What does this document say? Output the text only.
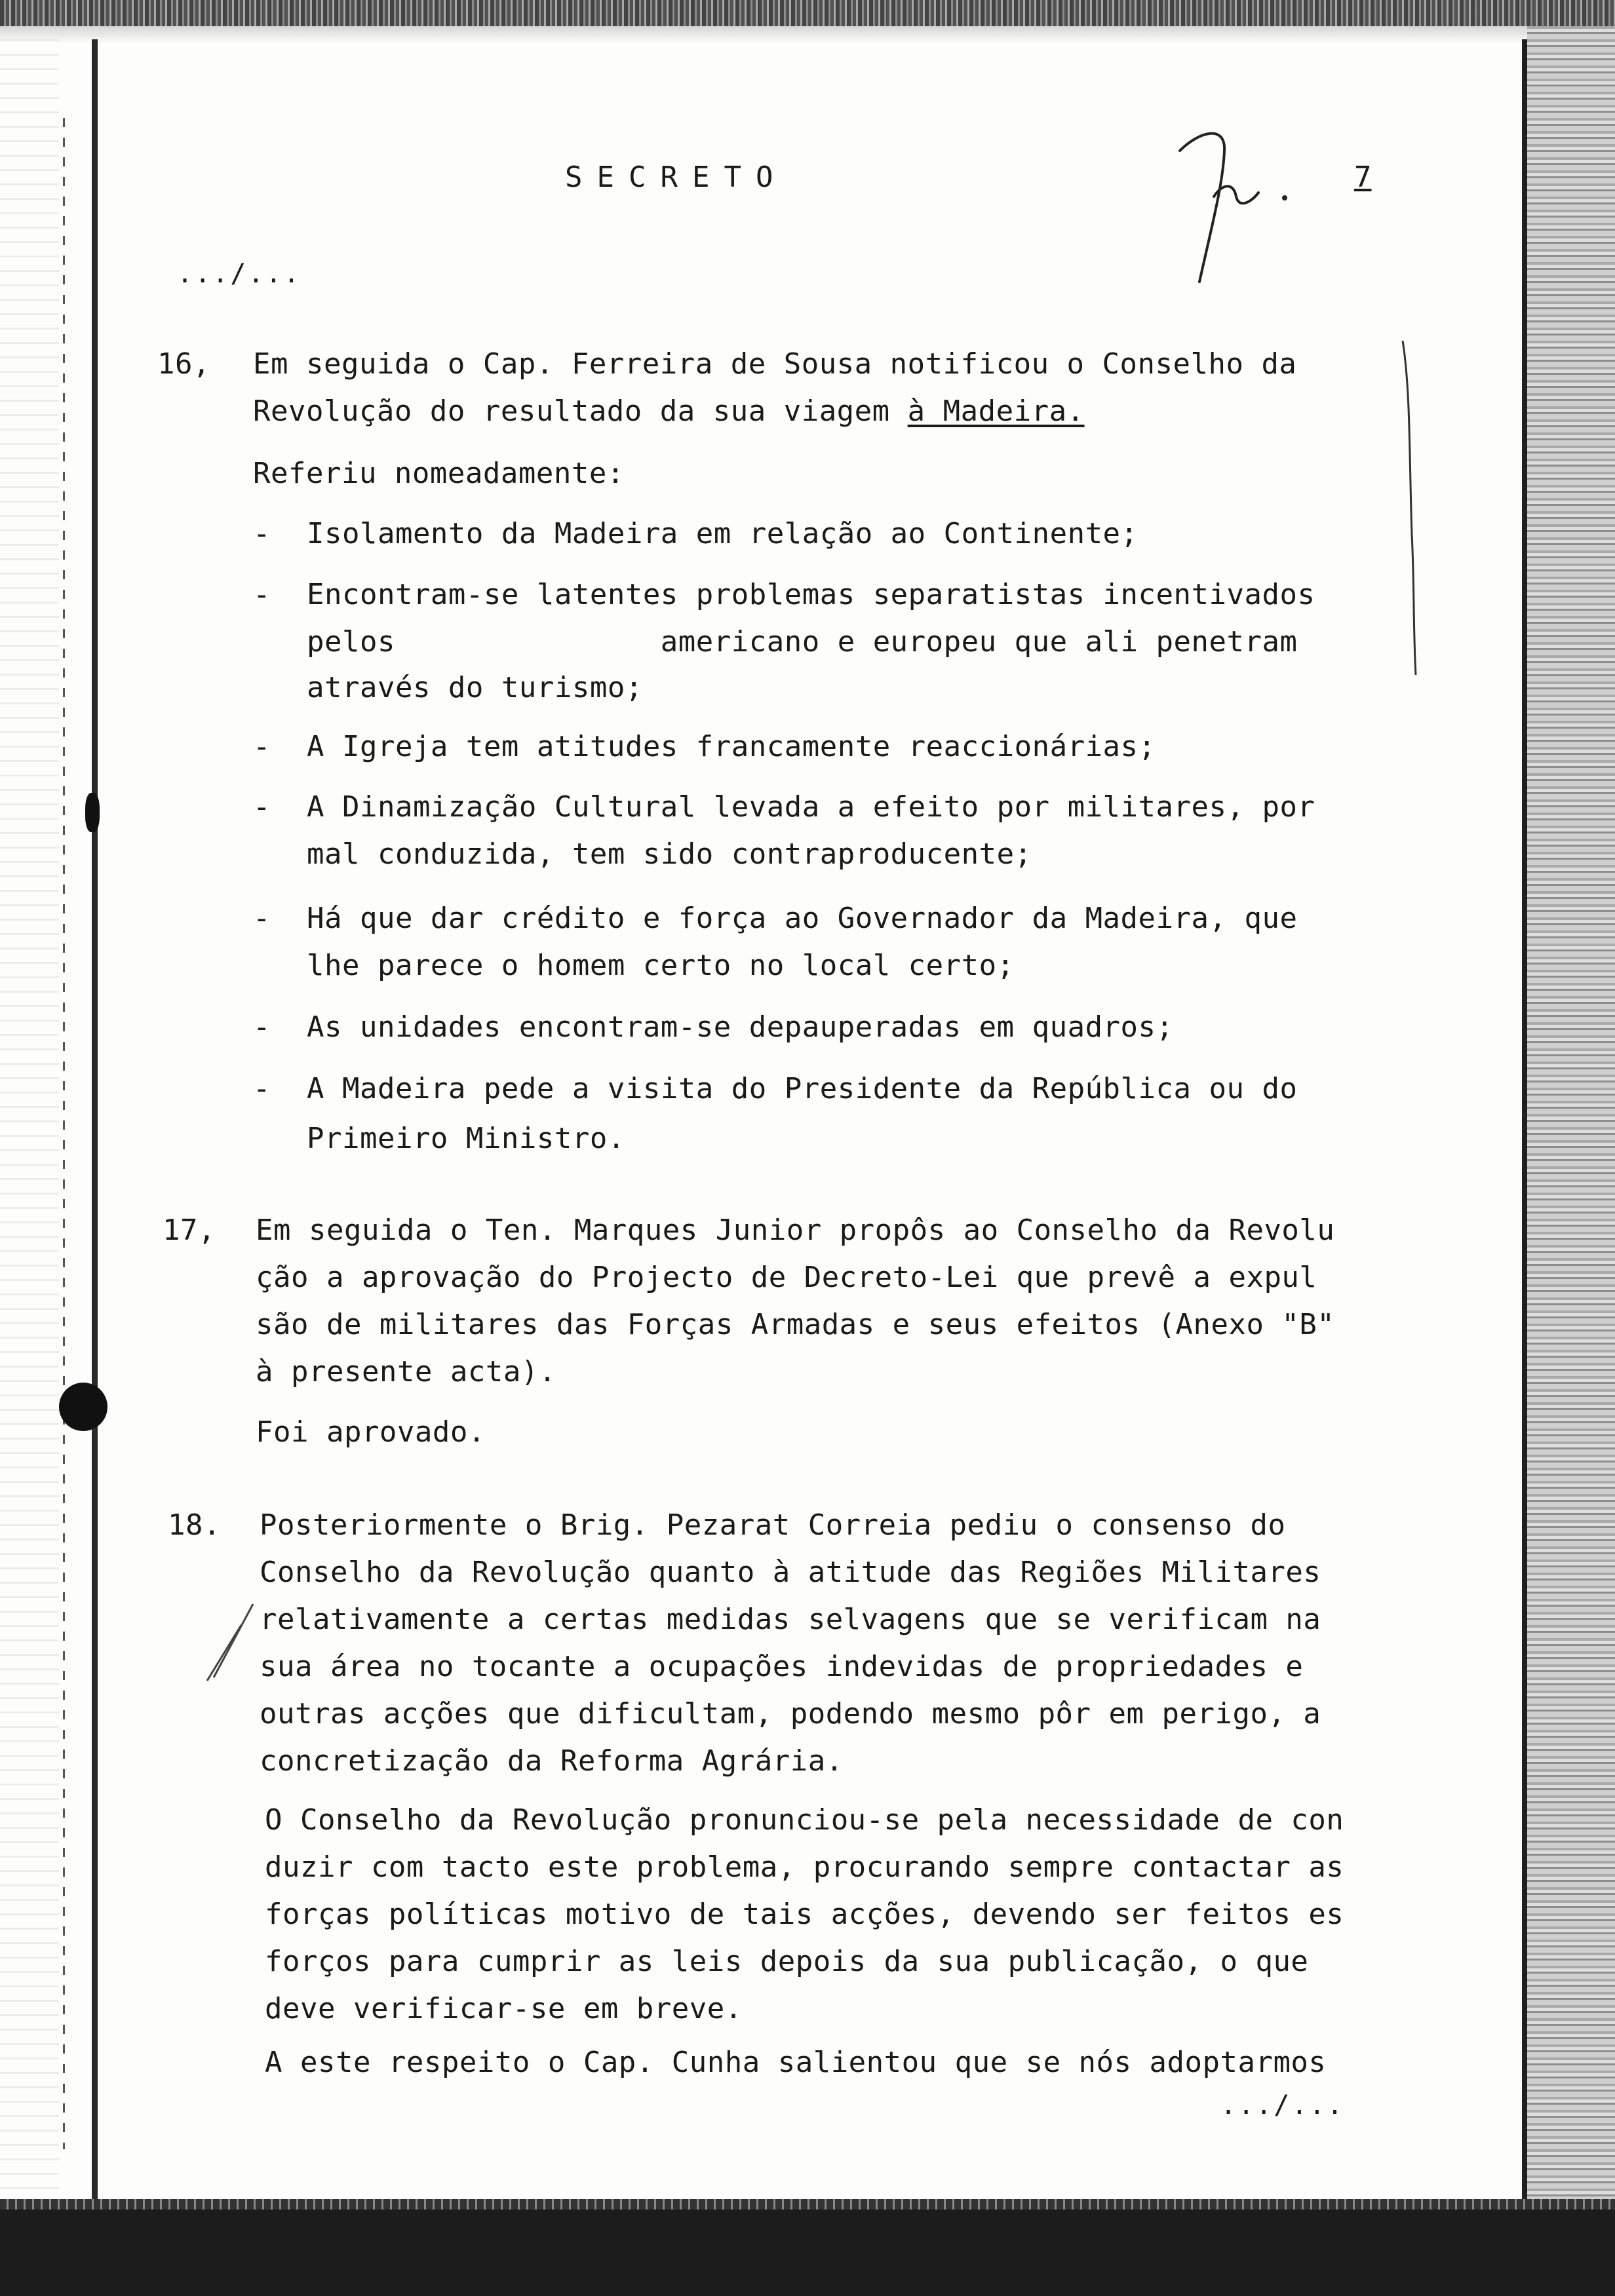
SECRETO	7
.../...
16, Em seguida o Cap. Ferreira de Sousa notificou o Conselho da
Revolução do resultado da sua viagem à Madeira.
Referiu nomeadamente:
- Isolamento da Madeira em relação ao Continente;
- Encontram-se latentes problemas separatistas incentivados
pelos               americano e europeu que ali penetram
através do turismo;
- A Igreja tem atitudes francamente reaccionárias;
- A Dinamização Cultural levada a efeito por militares, por
mal conduzida, tem sido contraproducente;
- Há que dar crédito e força ao Governador da Madeira, que
lhe parece o homem certo no local certo;
- As unidades encontram-se depauperadas em quadros;
- A Madeira pede a visita do Presidente da República ou do
Primeiro Ministro.
17, Em seguida o Ten. Marques Junior propôs ao Conselho da Revolu
ção a aprovação do Projecto de Decreto-Lei que prevê a expul
são de militares das Forças Armadas e seus efeitos (Anexo "B"
à presente acta).
Foi aprovado.
18. Posteriormente o Brig. Pezarat Correia pediu o consenso do
Conselho da Revolução quanto à atitude das Regiões Militares
relativamente a certas medidas selvagens que se verificam na
sua área no tocante a ocupações indevidas de propriedades e
outras acções que dificultam, podendo mesmo pôr em perigo, a
concretização da Reforma Agrária.
O Conselho da Revolução pronunciou-se pela necessidade de con
duzir com tacto este problema, procurando sempre contactar as
forças políticas motivo de tais acções, devendo ser feitos es
forços para cumprir as leis depois da sua publicação, o que
deve verificar-se em breve.
A este respeito o Cap. Cunha salientou que se nós adoptarmos
.../...
